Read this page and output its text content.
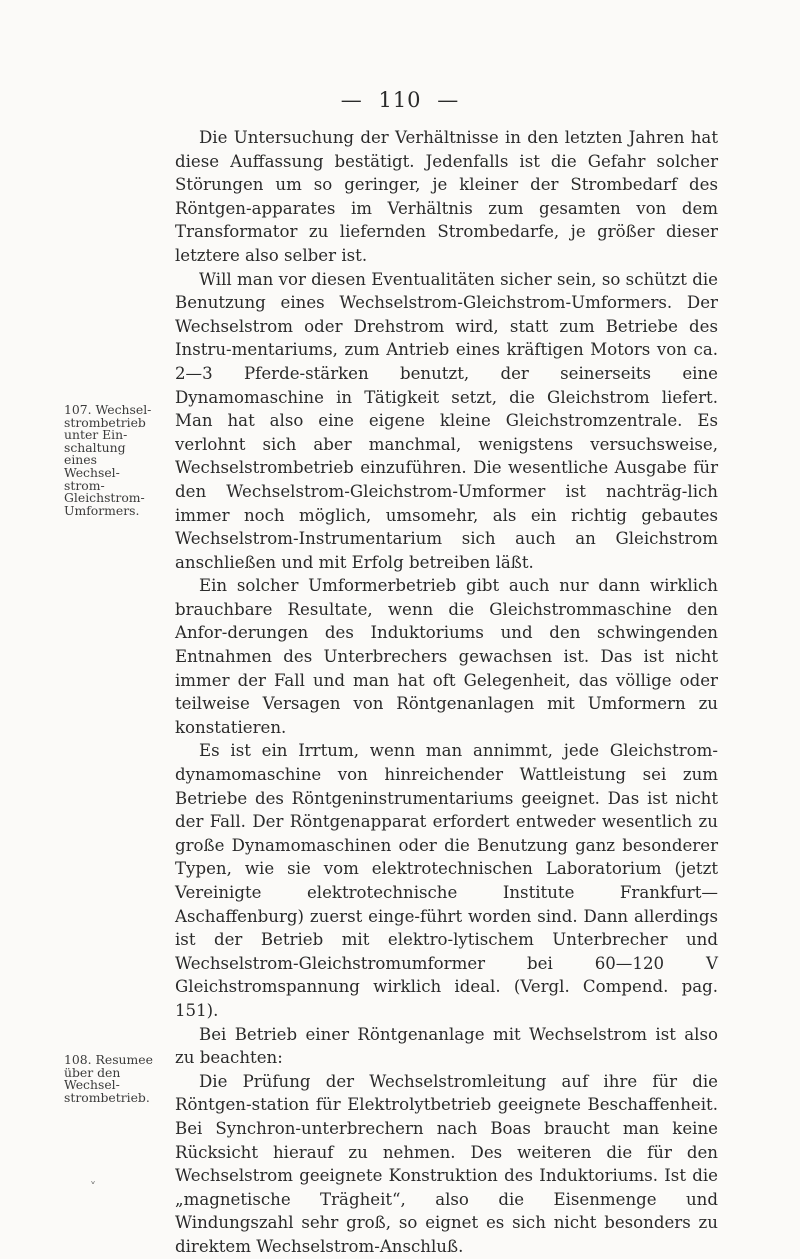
— 110 —
107. Wechsel-
strombetrieb
unter Ein-
schaltung
eines
Wechsel-
strom-
Gleichstrom-
Umformers.
108. Resumee
über den
Wechsel-
strombetrieb.
˅

Die Untersuchung der Verhältnisse in den letzten Jahren hat diese Auffassung bestätigt. Jedenfalls ist die Gefahr solcher Störungen um so geringer, je kleiner der Strombedarf des Röntgen-apparates im Verhältnis zum gesamten von dem Transformator zu liefernden Strombedarfe, je größer dieser letztere also selber ist.

Will man vor diesen Eventualitäten sicher sein, so schützt die Benutzung eines Wechselstrom-Gleichstrom-Umformers. Der Wechselstrom oder Drehstrom wird, statt zum Betriebe des Instru-mentariums, zum Antrieb eines kräftigen Motors von ca. 2—3 Pferde-stärken benutzt, der seinerseits eine Dynamomaschine in Tätigkeit setzt, die Gleichstrom liefert. Man hat also eine eigene kleine Gleichstromzentrale. Es verlohnt sich aber manchmal, wenigstens versuchsweise, Wechselstrombetrieb einzuführen. Die wesentliche Ausgabe für den Wechselstrom-Gleichstrom-Umformer ist nachträg-lich immer noch möglich, umsomehr, als ein richtig gebautes Wechselstrom-Instrumentarium sich auch an Gleichstrom anschließen und mit Erfolg betreiben läßt.

Ein solcher Umformerbetrieb gibt auch nur dann wirklich brauchbare Resultate, wenn die Gleichstrommaschine den Anfor-derungen des Induktoriums und den schwingenden Entnahmen des Unterbrechers gewachsen ist. Das ist nicht immer der Fall und man hat oft Gelegenheit, das völlige oder teilweise Versagen von Röntgenanlagen mit Umformern zu konstatieren.

Es ist ein Irrtum, wenn man annimmt, jede Gleichstrom-dynamomaschine von hinreichender Wattleistung sei zum Betriebe des Röntgeninstrumentariums geeignet. Das ist nicht der Fall. Der Röntgenapparat erfordert entweder wesentlich zu große Dynamomaschinen oder die Benutzung ganz besonderer Typen, wie sie vom elektrotechnischen Laboratorium (jetzt Vereinigte elektrotechnische Institute Frankfurt—Aschaffenburg) zuerst einge-führt worden sind. Dann allerdings ist der Betrieb mit elektro-lytischem Unterbrecher und Wechselstrom-Gleichstromumformer bei 60—120 V Gleichstromspannung wirklich ideal. (Vergl. Compend. pag. 151).

Bei Betrieb einer Röntgenanlage mit Wechselstrom ist also zu beachten:

Die Prüfung der Wechselstromleitung auf ihre für die Röntgen-station für Elektrolytbetrieb geeignete Beschaffenheit. Bei Synchron-unterbrechern nach Boas braucht man keine Rücksicht hierauf zu nehmen. Des weiteren die für den Wechselstrom geeignete Konstruktion des Induktoriums. Ist die „magnetische Trägheit“, also die Eisenmenge und Windungszahl sehr groß, so eignet es sich nicht besonders zu direktem Wechselstrom-Anschluß.
